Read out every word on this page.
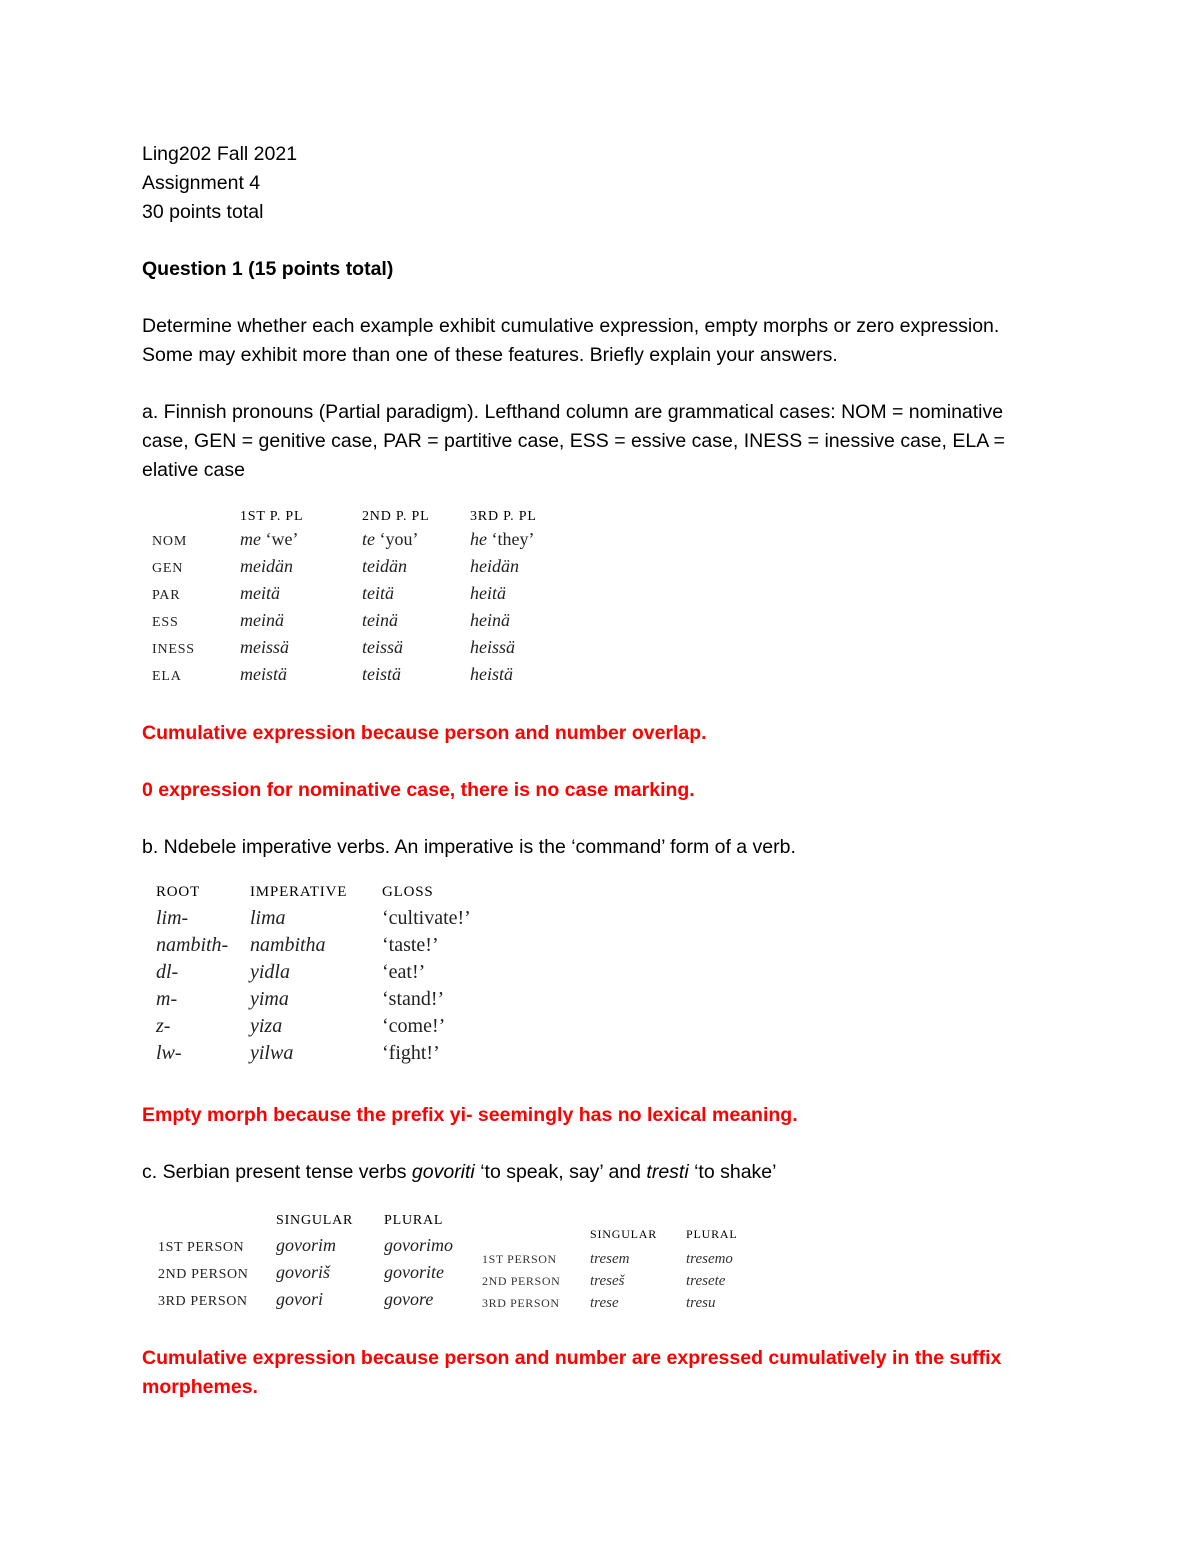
Ling202 Fall 2021

Assignment 4

30 points total

Question 1 (15 points total)

Determine whether each example exhibit cumulative expression, empty morphs or zero expression. Some may exhibit more than one of these features. Briefly explain your answers.

a. Finnish pronouns (Partial paradigm). Lefthand column are grammatical cases: NOM = nominative case, GEN = genitive case, PAR = partitive case, ESS = essive case, INESS = inessive case, ELA = elative case

	1ST P. PL	2ND P. PL	3RD P. PL
NOM	me ‘we’	te ‘you’	he ‘they’
GEN	meidän	teidän	heidän
PAR	meitä	teitä	heitä
ESS	meinä	teinä	heinä
INESS	meissä	teissä	heissä
ELA	meistä	teistä	heistä

Cumulative expression because person and number overlap.

0 expression for nominative case, there is no case marking.

b. Ndebele imperative verbs. An imperative is the ‘command’ form of a verb.

ROOT	IMPERATIVE	GLOSS
lim-	lima	‘cultivate!’
nambith-	nambitha	‘taste!’
dl-	yidla	‘eat!’
m-	yima	‘stand!’
z-	yiza	‘come!’
lw-	yilwa	‘fight!’

Empty morph because the prefix yi- seemingly has no lexical meaning.

c. Serbian present tense verbs govoriti ‘to speak, say’ and tresti ‘to shake’

	SINGULAR	PLURAL
1ST PERSON	govorim	govorimo
2ND PERSON	govoriš	govorite
3RD PERSON	govori	govore
	SINGULAR	PLURAL
1ST PERSON	tresem	tresemo
2ND PERSON	treseš	tresete
3RD PERSON	trese	tresu

Cumulative expression because person and number are expressed cumulatively in the suffix morphemes.
